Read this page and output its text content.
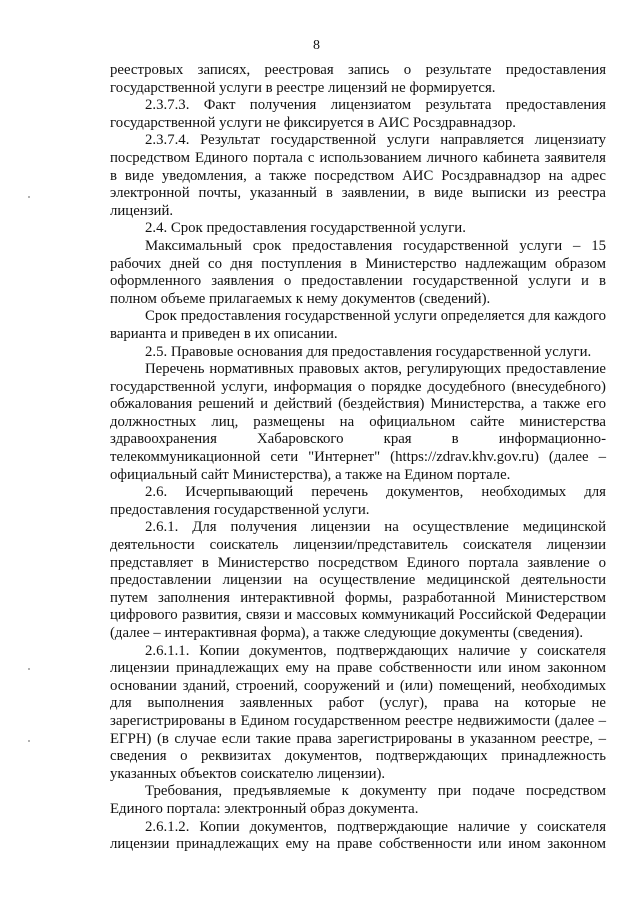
8

реестровых записях, реестровая запись о результате предоставления государственной услуги в реестре лицензий не формируется.

2.3.7.3. Факт получения лицензиатом результата предоставления государственной услуги не фиксируется в АИС Росздравнадзор.

2.3.7.4. Результат государственной услуги направляется лицензиату посредством Единого портала с использованием личного кабинета заявителя в виде уведомления, а также посредством АИС Росздравнадзор на адрес электронной почты, указанный в заявлении, в виде выписки из реестра лицензий.

2.4. Срок предоставления государственной услуги.

Максимальный срок предоставления государственной услуги – 15 рабочих дней со дня поступления в Министерство надлежащим образом оформленного заявления о предоставлении государственной услуги и в полном объеме прилагаемых к нему документов (сведений).

Срок предоставления государственной услуги определяется для каждого варианта и приведен в их описании.

2.5. Правовые основания для предоставления государственной услуги.

Перечень нормативных правовых актов, регулирующих предоставление государственной услуги, информация о порядке досудебного (внесудебного) обжалования решений и действий (бездействия) Министерства, а также его должностных лиц, размещены на официальном сайте министерства здравоохранения Хабаровского края в информационно-телекоммуникационной сети "Интернет" (https://zdrav.khv.gov.ru) (далее – официальный сайт Министерства), а также на Едином портале.

2.6. Исчерпывающий перечень документов, необходимых для предоставления государственной услуги.

2.6.1. Для получения лицензии на осуществление медицинской деятельности соискатель лицензии/представитель соискателя лицензии представляет в Министерство посредством Единого портала заявление о предоставлении лицензии на осуществление медицинской деятельности путем заполнения интерактивной формы, разработанной Министерством цифрового развития, связи и массовых коммуникаций Российской Федерации (далее – интерактивная форма), а также следующие документы (сведения).

2.6.1.1. Копии документов, подтверждающих наличие у соискателя лицензии принадлежащих ему на праве собственности или ином законном основании зданий, строений, сооружений и (или) помещений, необходимых для выполнения заявленных работ (услуг), права на которые не зарегистрированы в Едином государственном реестре недвижимости (далее – ЕГРН) (в случае если такие права зарегистрированы в указанном реестре, – сведения о реквизитах документов, подтверждающих принадлежность указанных объектов соискателю лицензии).

Требования, предъявляемые к документу при подаче посредством Единого портала: электронный образ документа.

2.6.1.2. Копии документов, подтверждающие наличие у соискателя лицензии принадлежащих ему на праве собственности или ином законном
